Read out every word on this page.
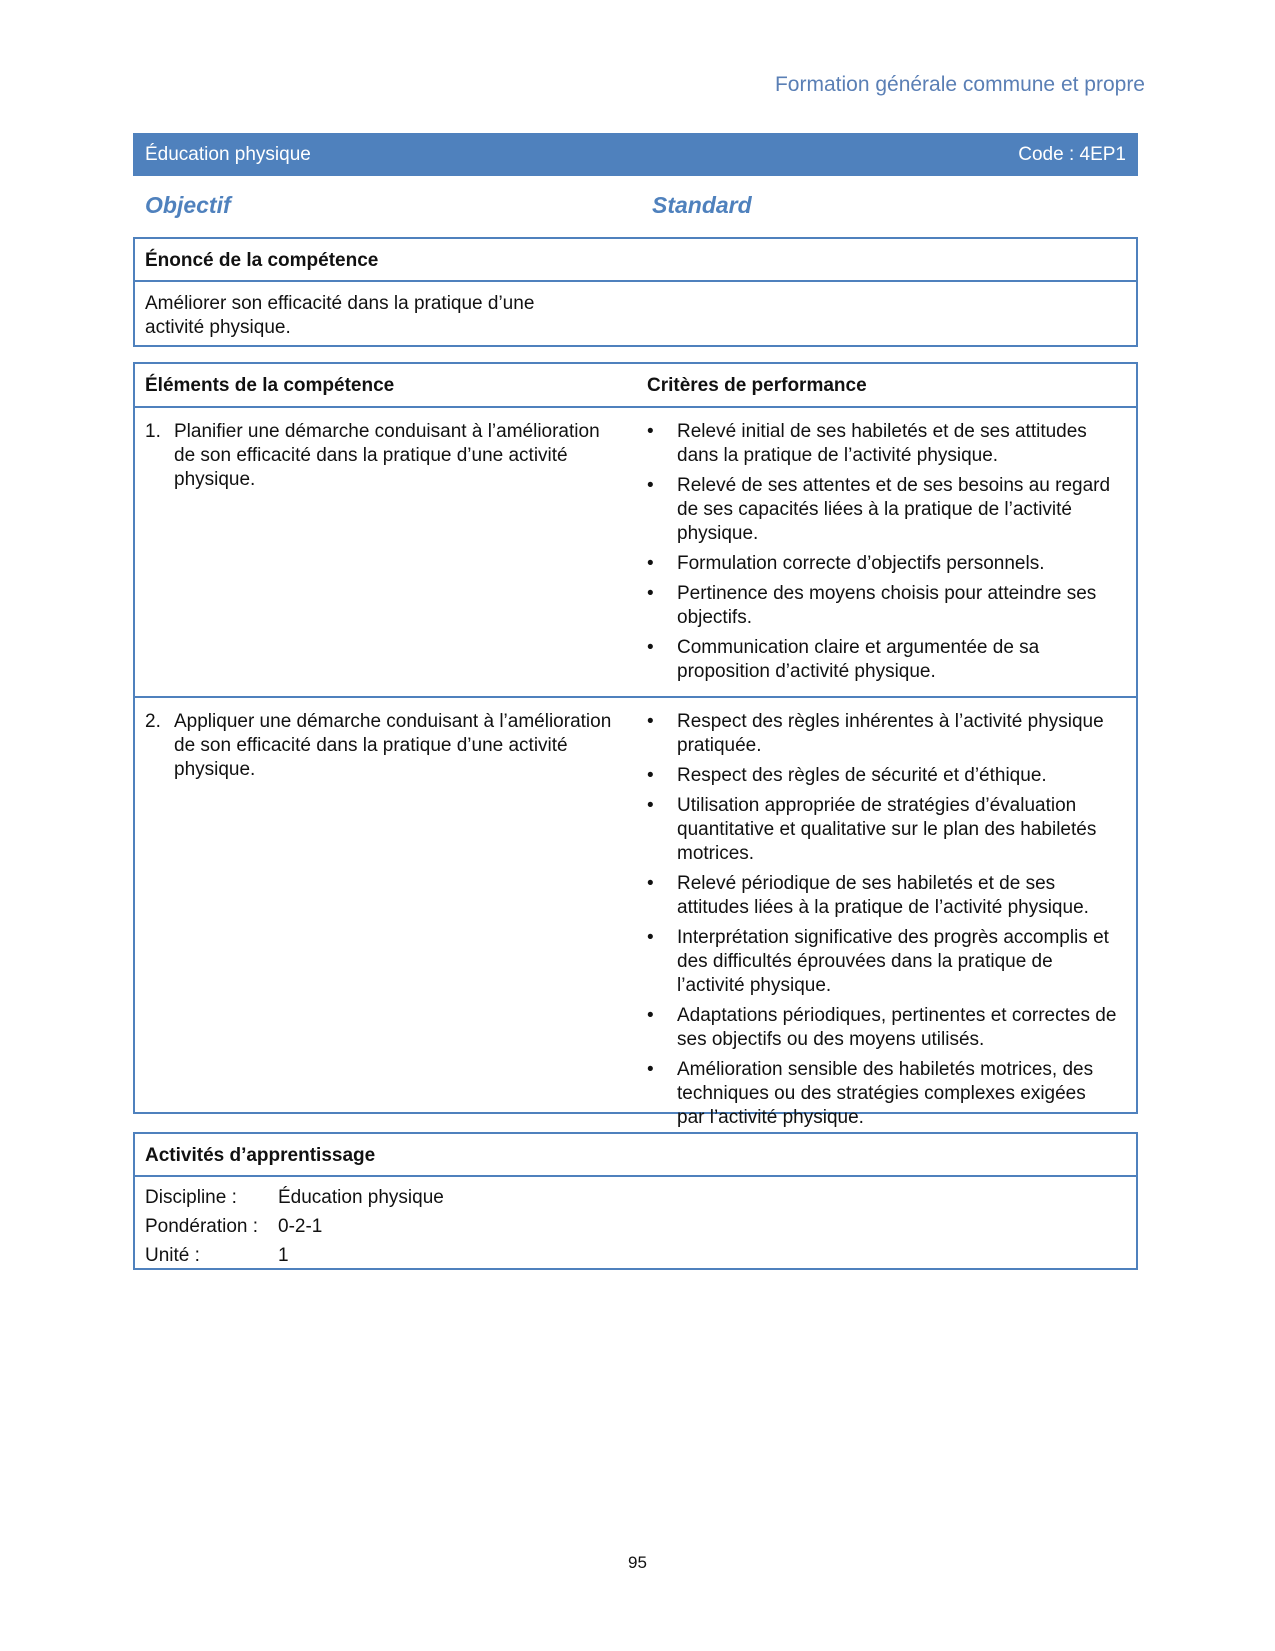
Formation générale commune et propre
Éducation physique	Code : 4EP1
Objectif	Standard
Énoncé de la compétence
Améliorer son efficacité dans la pratique d’une activité physique.
Éléments de la compétence	Critères de performance
1. Planifier une démarche conduisant à l’amélioration de son efficacité dans la pratique d’une activité physique.
• Relevé initial de ses habiletés et de ses attitudes dans la pratique de l’activité physique.
• Relevé de ses attentes et de ses besoins au regard de ses capacités liées à la pratique de l’activité physique.
• Formulation correcte d’objectifs personnels.
• Pertinence des moyens choisis pour atteindre ses objectifs.
• Communication claire et argumentée de sa proposition d’activité physique.
2. Appliquer une démarche conduisant à l’amélioration de son efficacité dans la pratique d’une activité physique.
• Respect des règles inhérentes à l’activité physique pratiquée.
• Respect des règles de sécurité et d’éthique.
• Utilisation appropriée de stratégies d’évaluation quantitative et qualitative sur le plan des habiletés motrices.
• Relevé périodique de ses habiletés et de ses attitudes liées à la pratique de l’activité physique.
• Interprétation significative des progrès accomplis et des difficultés éprouvées dans la pratique de l’activité physique.
• Adaptations périodiques, pertinentes et correctes de ses objectifs ou des moyens utilisés.
• Amélioration sensible des habiletés motrices, des techniques ou des stratégies complexes exigées par l’activité physique.
Activités d’apprentissage
Discipline :	Éducation physique
Pondération :	0-2-1
Unité :	1
95
